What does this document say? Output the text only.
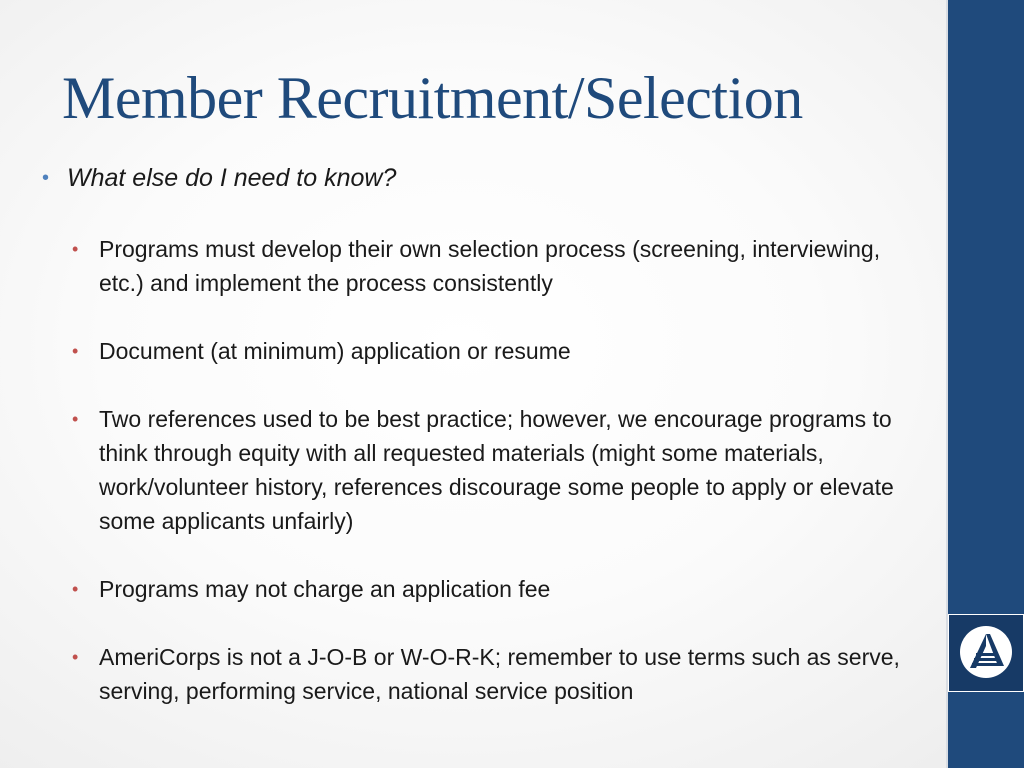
Member Recruitment/Selection
• What else do I need to know?
• Programs must develop their own selection process (screening, interviewing, etc.) and implement the process consistently
• Document (at minimum) application or resume
• Two references used to be best practice; however, we encourage programs to think through equity with all requested materials (might some materials, work/volunteer history, references discourage some people to apply or elevate some applicants unfairly)
• Programs may not charge an application fee
• AmeriCorps is not a J-O-B or W-O-R-K; remember to use terms such as serve, serving, performing service, national service position
